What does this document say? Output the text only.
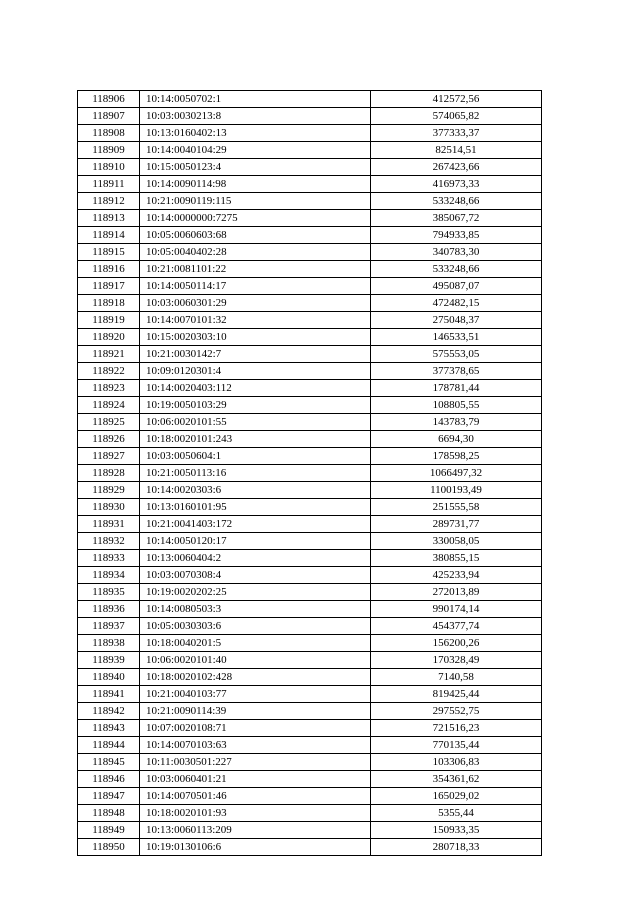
118906	10:14:0050702:1	412572,56
118907	10:03:0030213:8	574065,82
118908	10:13:0160402:13	377333,37
118909	10:14:0040104:29	82514,51
118910	10:15:0050123:4	267423,66
118911	10:14:0090114:98	416973,33
118912	10:21:0090119:115	533248,66
118913	10:14:0000000:7275	385067,72
118914	10:05:0060603:68	794933,85
118915	10:05:0040402:28	340783,30
118916	10:21:0081101:22	533248,66
118917	10:14:0050114:17	495087,07
118918	10:03:0060301:29	472482,15
118919	10:14:0070101:32	275048,37
118920	10:15:0020303:10	146533,51
118921	10:21:0030142:7	575553,05
118922	10:09:0120301:4	377378,65
118923	10:14:0020403:112	178781,44
118924	10:19:0050103:29	108805,55
118925	10:06:0020101:55	143783,79
118926	10:18:0020101:243	6694,30
118927	10:03:0050604:1	178598,25
118928	10:21:0050113:16	1066497,32
118929	10:14:0020303:6	1100193,49
118930	10:13:0160101:95	251555,58
118931	10:21:0041403:172	289731,77
118932	10:14:0050120:17	330058,05
118933	10:13:0060404:2	380855,15
118934	10:03:0070308:4	425233,94
118935	10:19:0020202:25	272013,89
118936	10:14:0080503:3	990174,14
118937	10:05:0030303:6	454377,74
118938	10:18:0040201:5	156200,26
118939	10:06:0020101:40	170328,49
118940	10:18:0020102:428	7140,58
118941	10:21:0040103:77	819425,44
118942	10:21:0090114:39	297552,75
118943	10:07:0020108:71	721516,23
118944	10:14:0070103:63	770135,44
118945	10:11:0030501:227	103306,83
118946	10:03:0060401:21	354361,62
118947	10:14:0070501:46	165029,02
118948	10:18:0020101:93	5355,44
118949	10:13:0060113:209	150933,35
118950	10:19:0130106:6	280718,33
